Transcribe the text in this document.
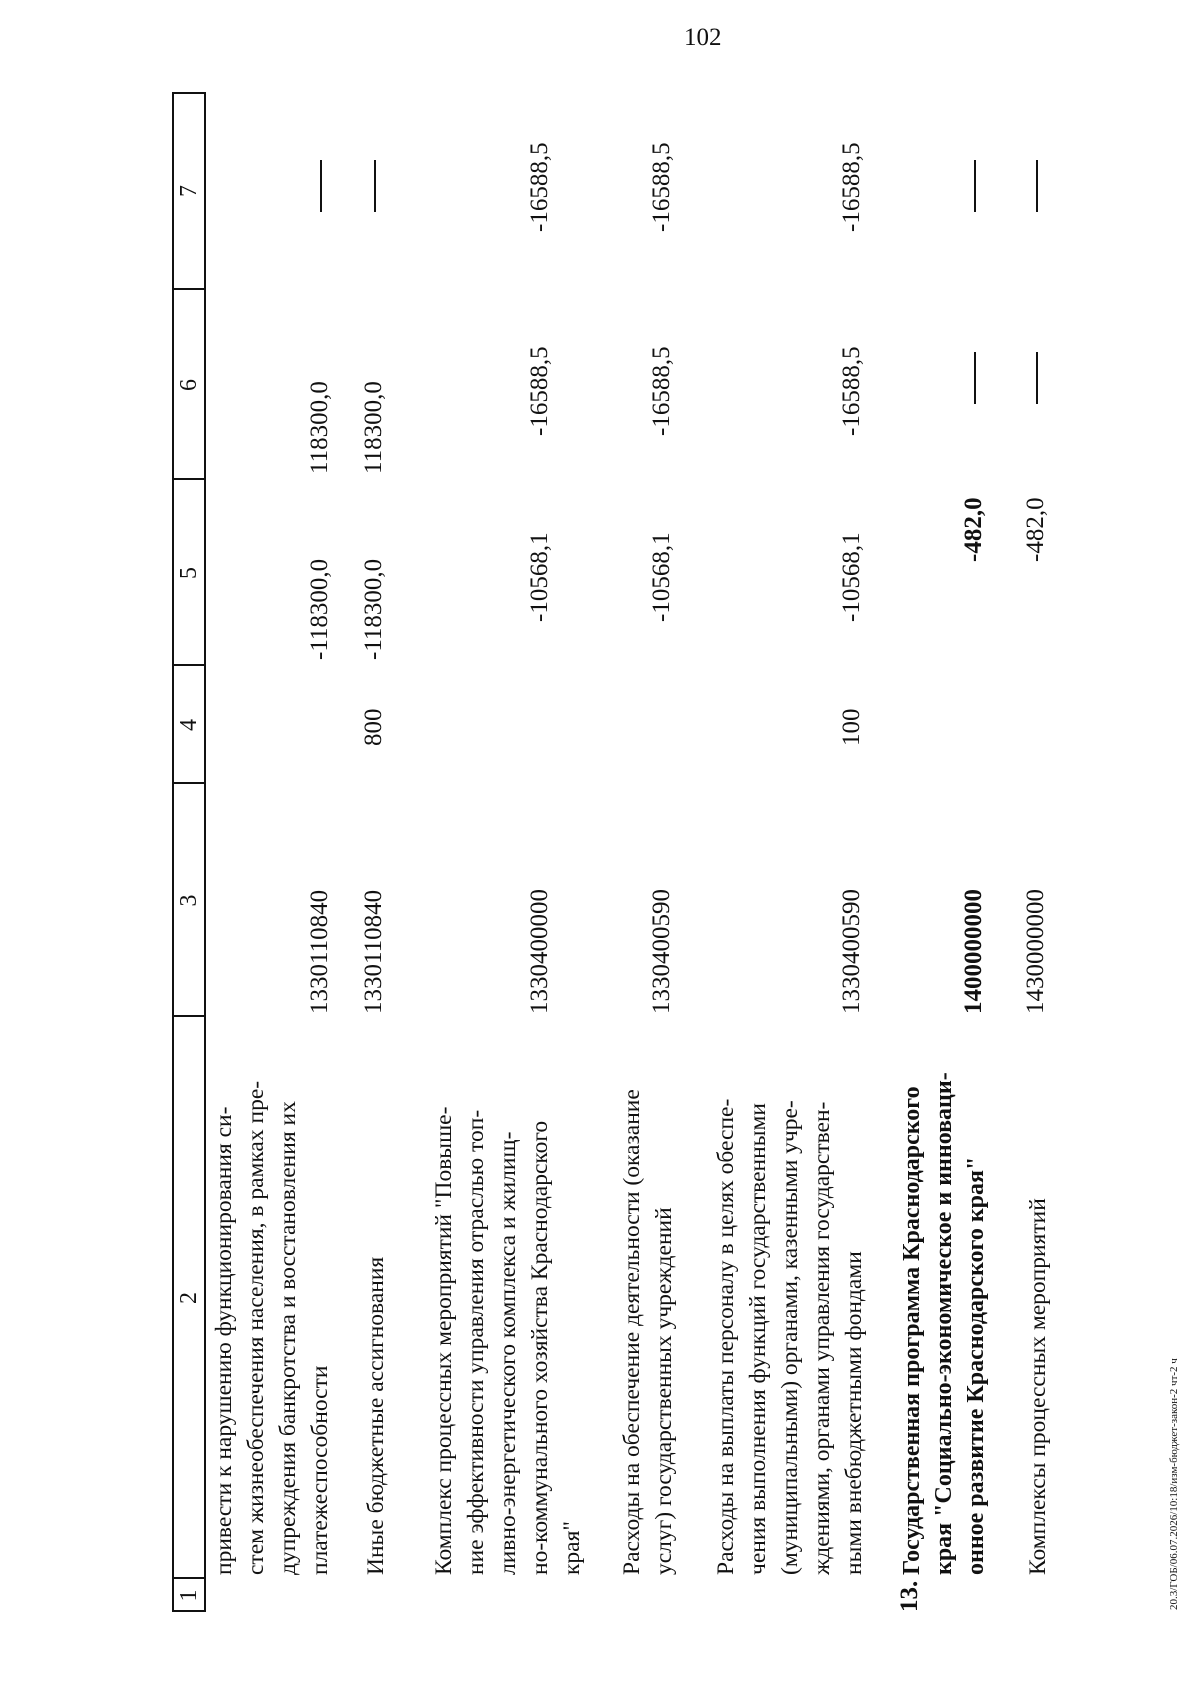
102
1
2
3
4
5
6
7
привести к нарушению функционирования си- стем жизнеобеспечения населения, в рамках пре- дупреждения банкротства и восстановления их платежеспособности
1330110840
-118300,0
118300,0
Иные бюджетные ассигнования
1330110840
800
-118300,0
118300,0
Комплекс процессных мероприятий "Повыше- ние эффективности управления отраслью топ- ливно-энергетического комплекса и жилищ- но-коммунального хозяйства Краснодарского края"
1330400000
-10568,1
-16588,5
-16588,5
Расходы на обеспечение деятельности (оказание услуг) государственных учреждений
1330400590
-10568,1
-16588,5
-16588,5
Расходы на выплаты персоналу в целях обеспе- чения выполнения функций государственными (муниципальными) органами, казенными учре- ждениями, органами управления государствен- ными внебюджетными фондами
1330400590
100
-10568,1
-16588,5
-16588,5
13.
Государственная программа Краснодарского края "Социально-экономическое и инноваци- онное развитие Краснодарского края"
1400000000
-482,0
Комплексы процессных мероприятий
1430000000
-482,0
20.3/ГОБ/06.07.2026/10:18/изм-бюджет-закон-2 чт-2 ч
